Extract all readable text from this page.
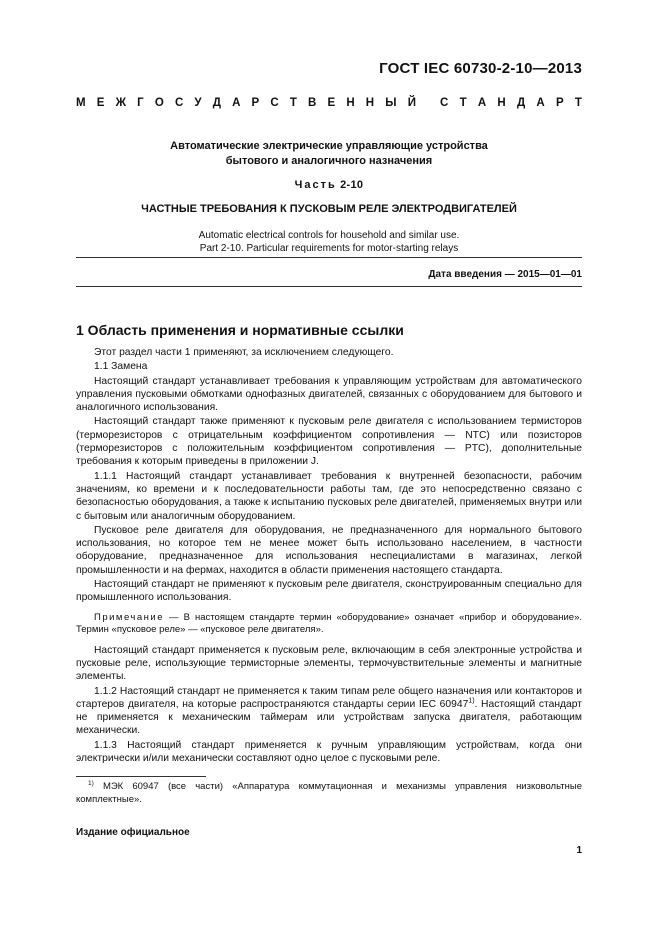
ГОСТ IEC 60730-2-10—2013
М Е Ж Г О С У Д А Р С Т В Е Н Н Ы Й С Т А Н Д А Р Т
Автоматические электрические управляющие устройства
бытового и аналогичного назначения
Часть 2-10
ЧАСТНЫЕ ТРЕБОВАНИЯ К ПУСКОВЫМ РЕЛЕ ЭЛЕКТРОДВИГАТЕЛЕЙ
Automatic electrical controls for household and similar use.
Part 2-10. Particular requirements for motor-starting relays
Дата введения — 2015—01—01
1 Область применения и нормативные ссылки

Этот раздел части 1 применяют, за исключением следующего.

1.1 Замена

Настоящий стандарт устанавливает требования к управляющим устройствам для автоматического управления пусковыми обмотками однофазных двигателей, связанных с оборудованием для бытового и аналогичного использования.

Настоящий стандарт также применяют к пусковым реле двигателя с использованием термисторов (терморезисторов с отрицательным коэффициентом сопротивления — NTC) или позисторов (терморезисторов с положительным коэффициентом сопротивления — PTC), дополнительные требования к которым приведены в приложении J.

1.1.1 Настоящий стандарт устанавливает требования к внутренней безопасности, рабочим значениям, ко времени и к последовательности работы там, где это непосредственно связано с безопасностью оборудования, а также к испытанию пусковых реле двигателей, применяемых внутри или с бытовым или аналогичным оборудованием.

Пусковое реле двигателя для оборудования, не предназначенного для нормального бытового использования, но которое тем не менее может быть использовано населением, в частности оборудование, предназначенное для использования неспециалистами в магазинах, легкой промышленности и на фермах, находится в области применения настоящего стандарта.

Настоящий стандарт не применяют к пусковым реле двигателя, сконструированным специально для промышленного использования.

Примечание — В настоящем стандарте термин «оборудование» означает «прибор и оборудование». Термин «пусковое реле» — «пусковое реле двигателя».

Настоящий стандарт применяется к пусковым реле, включающим в себя электронные устройства и пусковые реле, использующие термисторные элементы, термочувствительные элементы и магнитные элементы.

1.1.2 Настоящий стандарт не применяется к таким типам реле общего назначения или контакторов и стартеров двигателя, на которые распространяются стандарты серии IEC 60947$^{1)}$. Настоящий стандарт не применяется к механическим таймерам или устройствам запуска двигателя, работающим механически.

1.1.3 Настоящий стандарт применяется к ручным управляющим устройствам, когда они электрически и/или механически составляют одно целое с пусковыми реле.

$^{1)}$ МЭК 60947 (все части) «Аппаратура коммутационная и механизмы управления низковольтные комплектные».
Издание официальное
1
